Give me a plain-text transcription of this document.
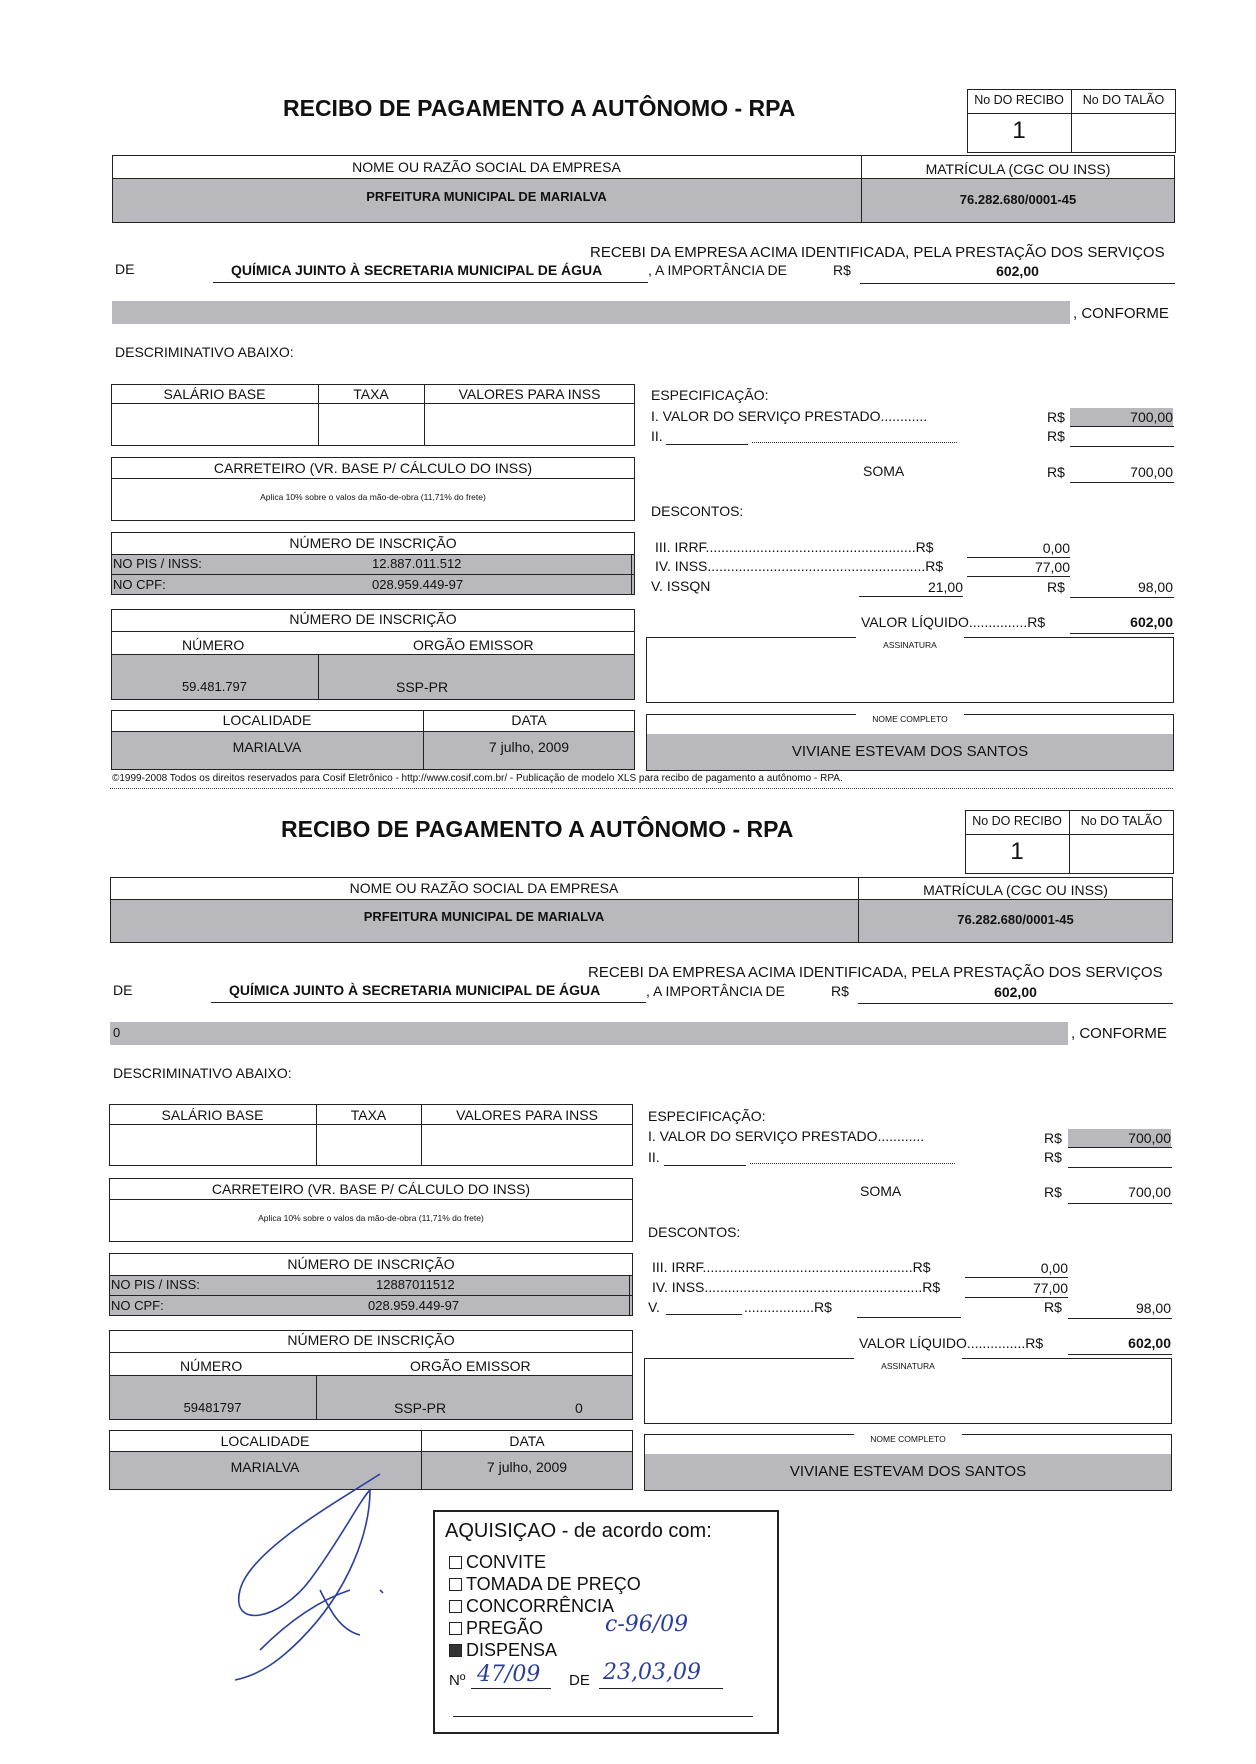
RECIBO DE PAGAMENTO A AUTÔNOMO - RPA	No DO RECIBO	No DO TALÃO
1
NOME OU RAZÃO SOCIAL DA EMPRESA	MATRÍCULA (CGC OU INSS)
PRFEITURA MUNICIPAL DE MARIALVA	76.282.680/0001-45
RECEBI DA EMPRESA ACIMA IDENTIFICADA, PELA PRESTAÇÃO DOS SERVIÇOS
DE	QUÍMICA JUINTO À SECRETARIA MUNICIPAL DE ÁGUA	, A IMPORTÂNCIA DE	R$	602,00
, CONFORME
DESCRIMINATIVO ABAIXO:
SALÁRIO BASE	TAXA	VALORES PARA INSS
CARRETEIRO (VR. BASE P/ CÁLCULO DO INSS)
Aplica 10% sobre o valos da mão-de-obra (11,71% do frete)
NÚMERO DE INSCRIÇÃO
NO PIS / INSS:	12.887.011.512
NO CPF:	028.959.449-97
NÚMERO DE INSCRIÇÃO
NÚMERO	ORGÃO EMISSOR
59.481.797	SSP-PR
LOCALIDADE	DATA
MARIALVA	7 julho, 2009
ESPECIFICAÇÃO:
I. VALOR DO SERVIÇO PRESTADO............	R$	700,00
II.	R$
SOMA	R$	700,00
DESCONTOS:
III. IRRF......................................................R$	0,00
IV. INSS........................................................R$	77,00
V. ISSQN	21,00	R$	98,00
VALOR LÍQUIDO...............R$	602,00
ASSINATURA
NOME COMPLETO
VIVIANE ESTEVAM DOS SANTOS
©1999-2008 Todos os direitos reservados para Cosif Eletrônico - http://www.cosif.com.br/ - Publicação de modelo XLS para recibo de pagamento a autônomo - RPA.
RECIBO DE PAGAMENTO A AUTÔNOMO - RPA	No DO RECIBO	No DO TALÃO
1
NOME OU RAZÃO SOCIAL DA EMPRESA	MATRÍCULA (CGC OU INSS)
PRFEITURA MUNICIPAL DE MARIALVA	76.282.680/0001-45
RECEBI DA EMPRESA ACIMA IDENTIFICADA, PELA PRESTAÇÃO DOS SERVIÇOS
DE	QUÍMICA JUINTO À SECRETARIA MUNICIPAL DE ÁGUA	, A IMPORTÂNCIA DE	R$	602,00
0	, CONFORME
DESCRIMINATIVO ABAIXO:
SALÁRIO BASE	TAXA	VALORES PARA INSS
CARRETEIRO (VR. BASE P/ CÁLCULO DO INSS)
Aplica 10% sobre o valos da mão-de-obra (11,71% do frete)
NÚMERO DE INSCRIÇÃO
NO PIS / INSS:	12887011512
NO CPF:	028.959.449-97
NÚMERO DE INSCRIÇÃO
NÚMERO	ORGÃO EMISSOR
59481797	SSP-PR	0
LOCALIDADE	DATA
MARIALVA	7 julho, 2009
ESPECIFICAÇÃO:
I. VALOR DO SERVIÇO PRESTADO............	R$	700,00
II.	R$
SOMA	R$	700,00
DESCONTOS:
III. IRRF......................................................R$	0,00
IV. INSS........................................................R$	77,00
V.	..................R$	R$	98,00
VALOR LÍQUIDO...............R$	602,00
ASSINATURA
NOME COMPLETO
VIVIANE ESTEVAM DOS SANTOS
AQUISIÇAO - de acordo com:
CONVITE
TOMADA DE PREÇO
CONCORRÊNCIA
PREGÃO	c-96/09
DISPENSA
Nº 47/09 DE 23,03,09
